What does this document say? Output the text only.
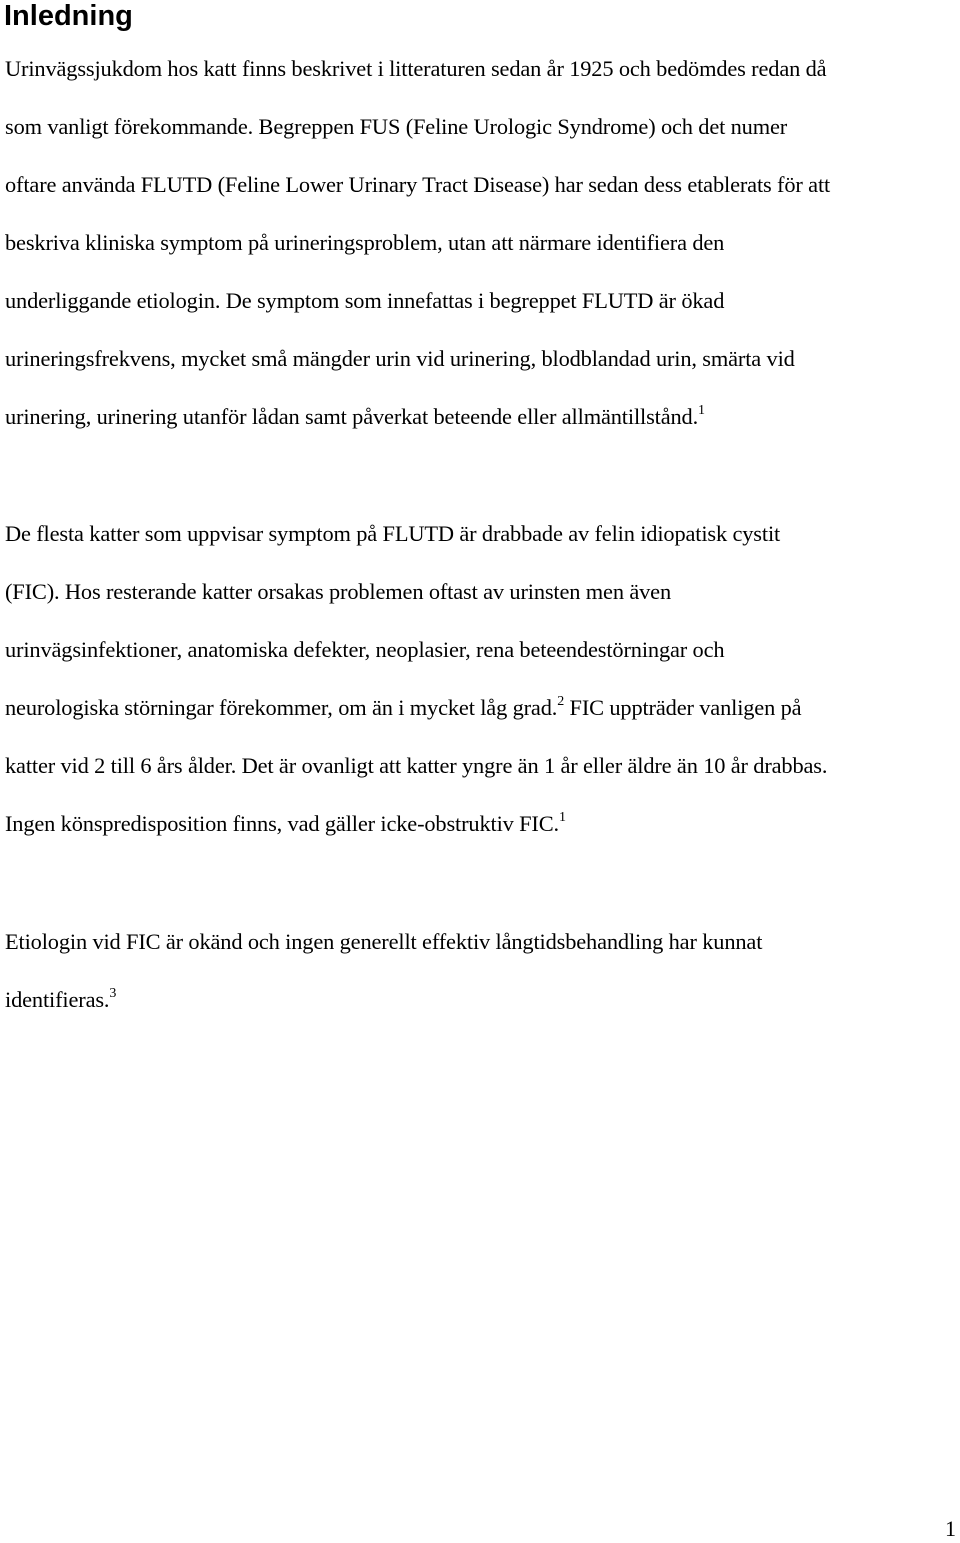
Inledning
Urinvägssjukdom hos katt finns beskrivet i litteraturen sedan år 1925 och bedömdes redan då
som vanligt förekommande. Begreppen FUS (Feline Urologic Syndrome) och det numer
oftare använda FLUTD (Feline Lower Urinary Tract Disease) har sedan dess etablerats för att
beskriva kliniska symptom på urineringsproblem, utan att närmare identifiera den
underliggande etiologin. De symptom som innefattas i begreppet FLUTD är ökad
urineringsfrekvens, mycket små mängder urin vid urinering, blodblandad urin, smärta vid
urinering, urinering utanför lådan samt påverkat beteende eller allmäntillstånd.$^1$
De flesta katter som uppvisar symptom på FLUTD är drabbade av felin idiopatisk cystit
(FIC). Hos resterande katter orsakas problemen oftast av urinsten men även
urinvägsinfektioner, anatomiska defekter, neoplasier, rena beteendestörningar och
neurologiska störningar förekommer, om än i mycket låg grad.$^2$ FIC uppträder vanligen på
katter vid 2 till 6 års ålder. Det är ovanligt att katter yngre än 1 år eller äldre än 10 år drabbas.
Ingen könspredisposition finns, vad gäller icke-obstruktiv FIC.$^1$
Etiologin vid FIC är okänd och ingen generellt effektiv långtidsbehandling har kunnat
identifieras.$^3$
1
